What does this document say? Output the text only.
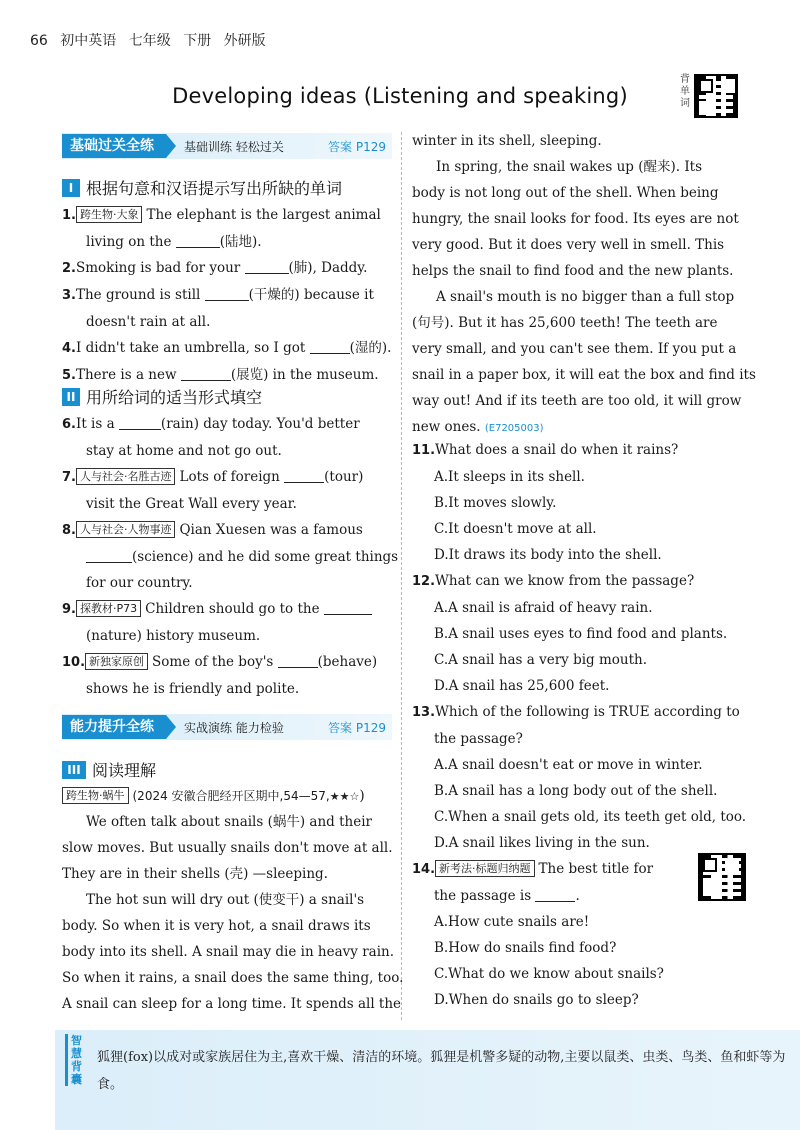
66 初中英语 七年级 下册 外研版
Developing ideas (Listening and speaking)
背
单
词
基础过关全练	基础训练 轻松过关	答案 P129
I 根据句意和汉语提示写出所缺的单词
1. 跨生物·大象 The elephant is the largest animal
living on the	(陆地).
2.Smoking is bad for your	(肺), Daddy.
3.The ground is still	(干燥的) because it
doesn't rain at all.
4.I didn't take an umbrella, so I got	(湿的).
5.There is a new	(展览) in the museum.
II 用所给词的适当形式填空
6.It is a	(rain) day today. You'd better
stay at home and not go out.
7. 人与社会·名胜古迹 Lots of foreign	(tour)
visit the Great Wall every year.
8. 人与社会·人物事迹 Qian Xuesen was a famous
(science) and he did some great things
for our country.
9. 探教材·P73 Children should go to the
(nature) history museum.
10. 新独家原创 Some of the boy's	(behave)
shows he is friendly and polite.
能力提升全练	实战演练 能力检验	答案 P129
III 阅读理解
跨生物·蜗牛 (2024 安徽合肥经开区期中,54—57,★★☆)
We often talk about snails (蜗牛) and their
slow moves. But usually snails don't move at all.
They are in their shells (壳) —sleeping.
The hot sun will dry out (使变干) a snail's
body. So when it is very hot, a snail draws its
body into its shell. A snail may die in heavy rain.
So when it rains, a snail does the same thing, too.
A snail can sleep for a long time. It spends all the
winter in its shell, sleeping.
In spring, the snail wakes up (醒来). Its
body is not long out of the shell. When being
hungry, the snail looks for food. Its eyes are not
very good. But it does very well in smell. This
helps the snail to find food and the new plants.
A snail's mouth is no bigger than a full stop
(句号). But it has 25,600 teeth! The teeth are
very small, and you can't see them. If you put a
snail in a paper box, it will eat the box and find its
way out! And if its teeth are too old, it will grow
new ones. (E7205003)
11.What does a snail do when it rains?
A.It sleeps in its shell.
B.It moves slowly.
C.It doesn't move at all.
D.It draws its body into the shell.
12.What can we know from the passage?
A.A snail is afraid of heavy rain.
B.A snail uses eyes to find food and plants.
C.A snail has a very big mouth.
D.A snail has 25,600 feet.
13.Which of the following is TRUE according to
the passage?
A.A snail doesn't eat or move in winter.
B.A snail has a long body out of the shell.
C.When a snail gets old, its teeth get old, too.
D.A snail likes living in the sun.
14. 新考法·标题归纳题 The best title for
the passage is	.
A.How cute snails are!
B.How do snails find food?
C.What do we know about snails?
D.When do snails go to sleep?
智慧背囊
狐狸(fox)以成对或家族居住为主,喜欢干燥、清洁的环境。狐狸是机警多疑的动物,主要以鼠类、虫类、鸟类、鱼和虾等为食。
